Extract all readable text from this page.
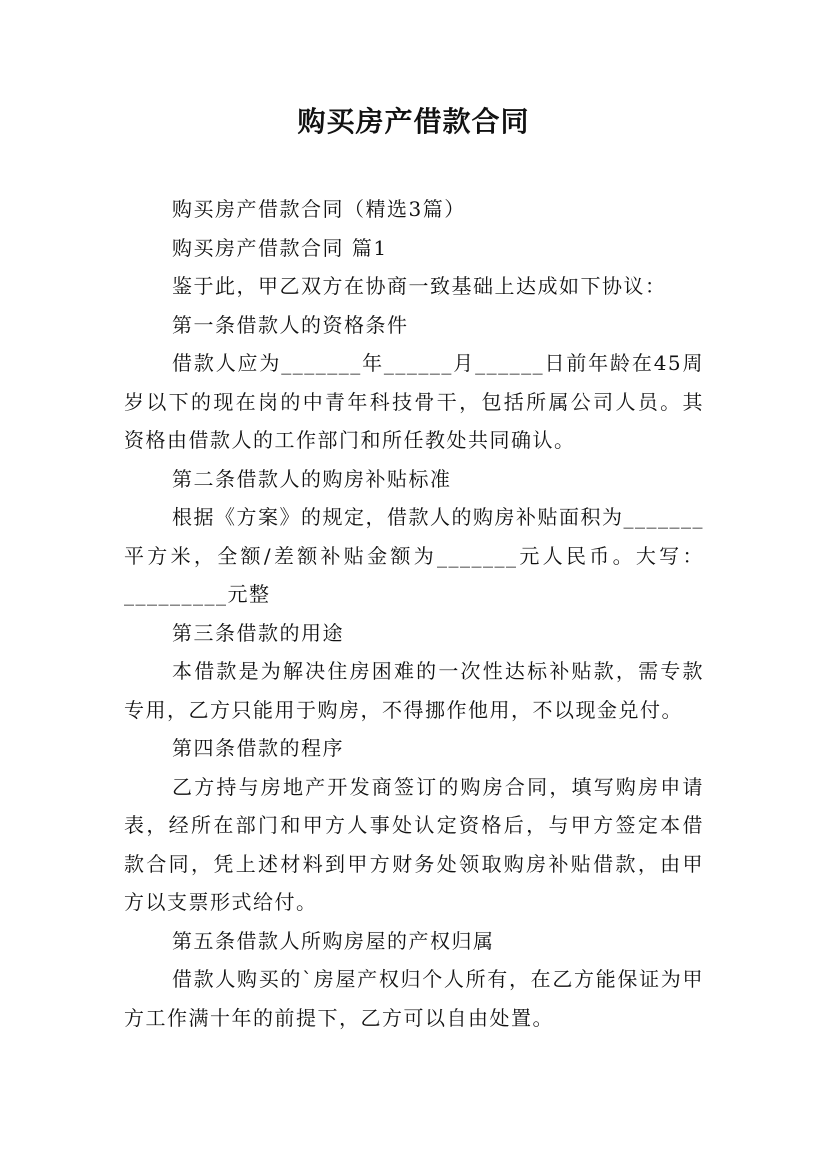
购买房产借款合同

购买房产借款合同（精选3篇）

购买房产借款合同 篇1

鉴于此，甲乙双方在协商一致基础上达成如下协议：

第一条借款人的资格条件

借款人应为_______年______月______日前年龄在45周岁以下的现在岗的中青年科技骨干，包括所属公司人员。其资格由借款人的工作部门和所任教处共同确认。

第二条借款人的购房补贴标准

根据《方案》的规定，借款人的购房补贴面积为_______平方米，全额/差额补贴金额为_______元人民币。大写：_________元整

第三条借款的用途

本借款是为解决住房困难的一次性达标补贴款，需专款专用，乙方只能用于购房，不得挪作他用，不以现金兑付。

第四条借款的程序

乙方持与房地产开发商签订的购房合同，填写购房申请表，经所在部门和甲方人事处认定资格后，与甲方签定本借款合同，凭上述材料到甲方财务处领取购房补贴借款，由甲方以支票形式给付。

第五条借款人所购房屋的产权归属

借款人购买的`房屋产权归个人所有，在乙方能保证为甲方工作满十年的前提下，乙方可以自由处置。
